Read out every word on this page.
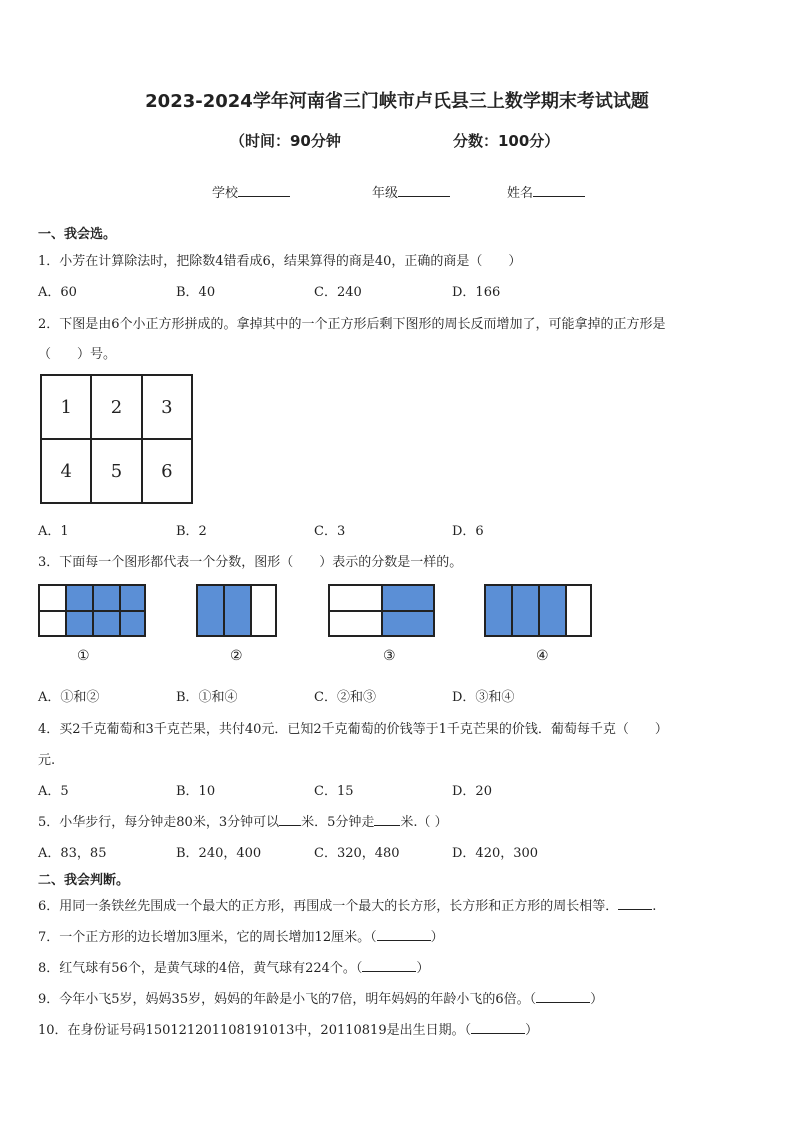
2023-2024学年河南省三门峡市卢氏县三上数学期末考试试题
（时间：90分钟	分数：100分）
学校	年级	姓名
一、我会选。
1．小芳在计算除法时，把除数4错看成6，结果算得的商是40，正确的商是（　　）
A．60	B．40	C．240	D．166
2．下图是由6个小正方形拼成的。拿掉其中的一个正方形后剩下图形的周长反而增加了，可能拿掉的正方形是
（　　）号。
1	2	3
4	5	6
A．1	B．2	C．3	D．6
3．下面每一个图形都代表一个分数，图形（　　）表示的分数是一样的。
①	②	③	④
A．①和②	B．①和④	C．②和③	D．③和④
4．买2千克葡萄和3千克芒果，共付40元．已知2千克葡萄的价钱等于1千克芒果的价钱．葡萄每千克（　　）
元.
A．5	B．10	C．15	D．20
5．小华步行，每分钟走80米，3分钟可以 米．5分钟走 米.（ ）
A．83，85	B．240，400	C．320，480	D．420，300
二、我会判断。
6．用同一条铁丝先围成一个最大的正方形，再围成一个最大的长方形，长方形和正方形的周长相等．	.
7．一个正方形的边长增加3厘米，它的周长增加12厘米。（	）
8．红气球有56个，是黄气球的4倍，黄气球有224个。（	）
9．今年小飞5岁，妈妈35岁，妈妈的年龄是小飞的7倍，明年妈妈的年龄小飞的6倍。（	）
10．在身份证号码150121201108191013中，20110819是出生日期。（	）
